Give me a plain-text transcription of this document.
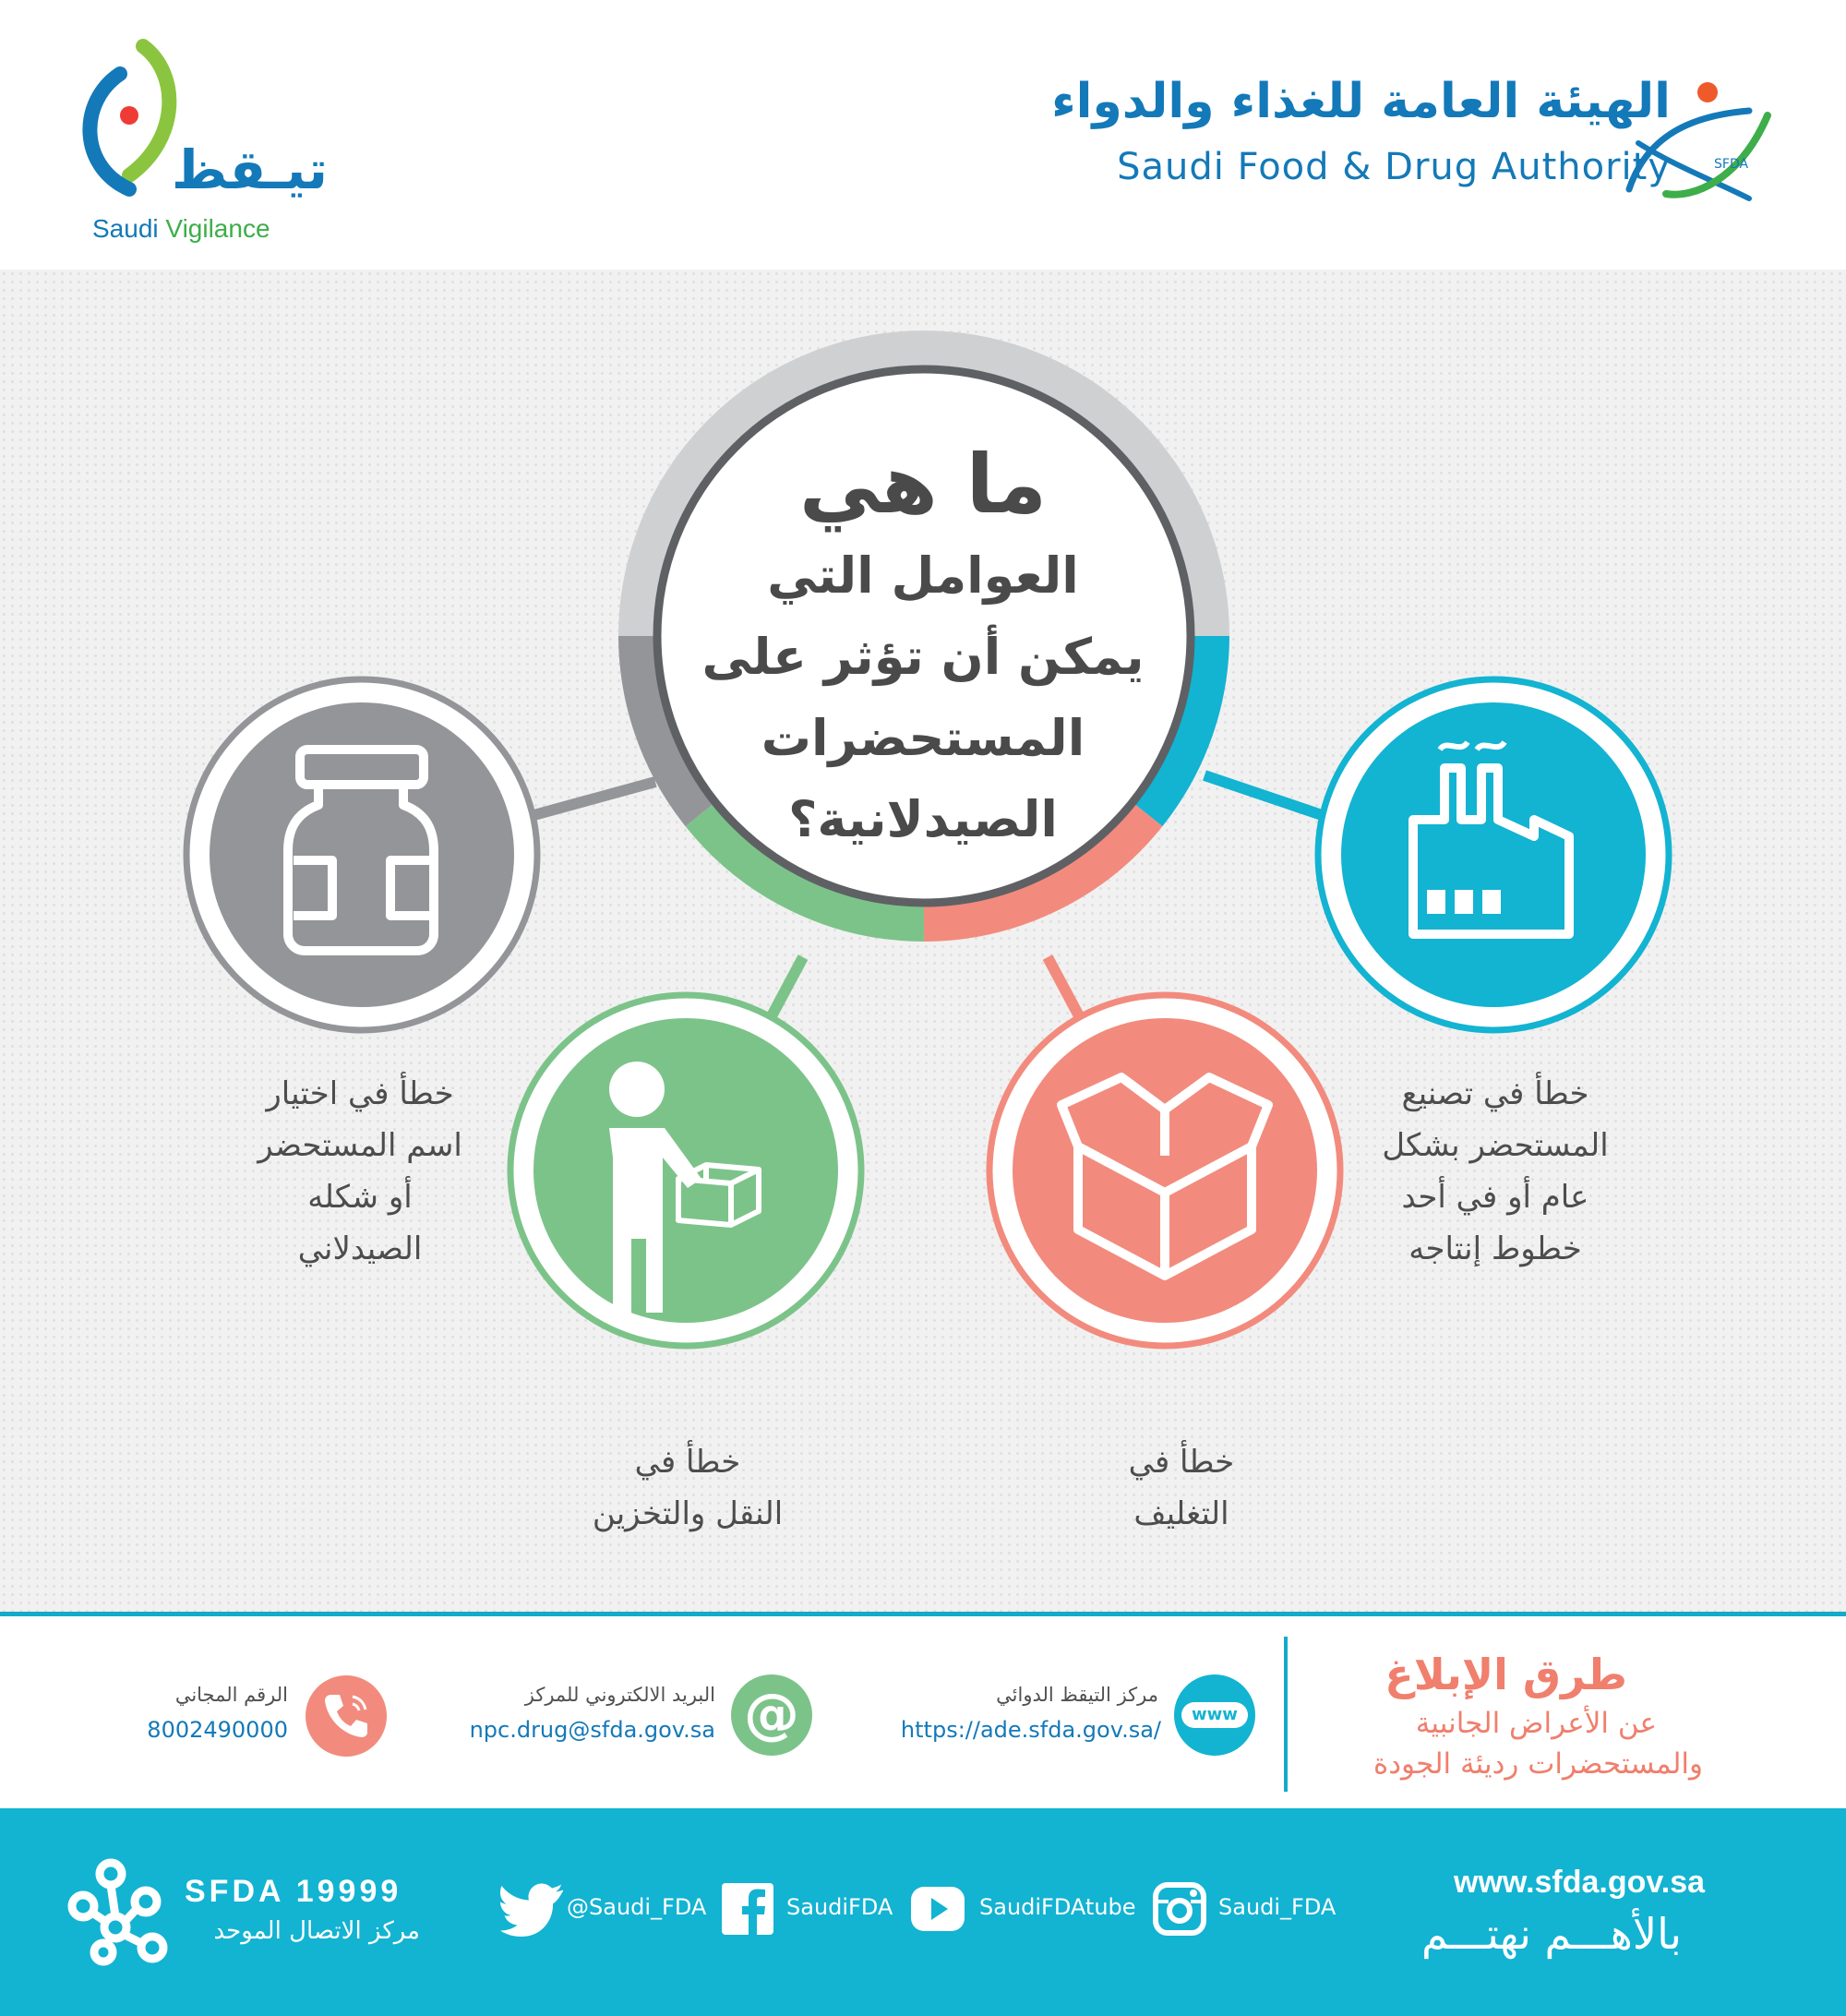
الهيئة العامة للغذاء والدواء
Saudi Food & Drug Authority	SFDA
تيـقظ
Saudi Vigilance
ما هي
العوامل التي
يمكن أن تؤثر على
المستحضرات
الصيدلانية؟
خطأ في اختيار
اسم المستحضر
أو شكله
الصيدلاني
خطأ في تصنيع
المستحضر بشكل
عام أو في أحد
خطوط إنتاجه
خطأ في
النقل والتخزين
خطأ في
التغليف
طرق الإبلاغ
عن الأعراض الجانبية
والمستحضرات رديئة الجودة
مركز التيقظ الدوائي
https://ade.sfda.gov.sa/
www
البريد الالكتروني للمركز
npc.drug@sfda.gov.sa @
الرقم المجاني
8002490000
www.sfda.gov.sa
بالأهـــم نهتـــم
Saudi_FDA
SaudiFDAtube
SaudiFDA
@Saudi_FDA
SFDA 19999
مركز الاتصال الموحد
